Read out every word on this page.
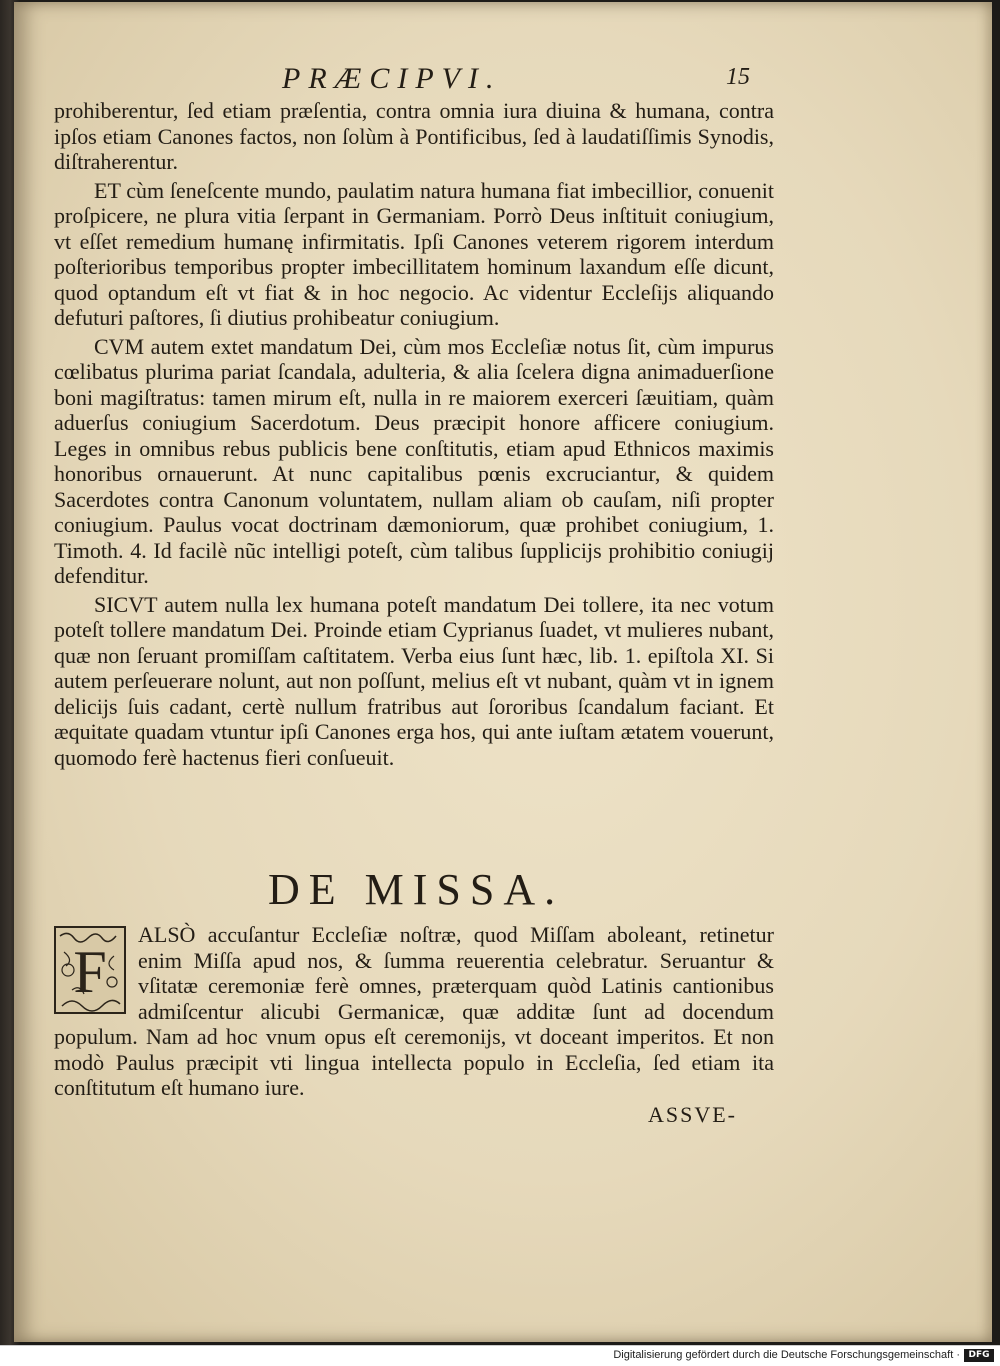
PRÆCIPVI.	15

prohiberentur, ſed etiam præſentia, contra omnia iura diuina & humana, contra ipſos etiam Canones factos, non ſolùm à Pontificibus, ſed à laudatiſſimis Synodis, diſtraherentur.

ET cùm ſeneſcente mundo, paulatim natura humana fiat imbecillior, conuenit proſpicere, ne plura vitia ſerpant in Germaniam. Porrò Deus inſtituit coniugium, vt eſſet remedium humanę infirmitatis. Ipſi Canones veterem rigorem interdum poſterioribus temporibus propter imbecillitatem hominum laxandum eſſe dicunt, quod optandum eſt vt fiat & in hoc negocio. Ac videntur Eccleſijs aliquando defuturi paſtores, ſi diutius prohibeatur coniugium.

CVM autem extet mandatum Dei, cùm mos Eccleſiæ notus ſit, cùm impurus cœlibatus plurima pariat ſcandala, adulteria, & alia ſcelera digna animaduerſione boni magiſtratus: tamen mirum eſt, nulla in re maiorem exerceri ſæuitiam, quàm aduerſus coniugium Sacerdotum. Deus præcipit honore afficere coniugium. Leges in omnibus rebus publicis bene conſtitutis, etiam apud Ethnicos maximis honoribus ornauerunt. At nunc capitalibus pœnis excruciantur, & quidem Sacerdotes contra Canonum voluntatem, nullam aliam ob cauſam, niſi propter coniugium. Paulus vocat doctrinam dæmoniorum, quæ prohibet coniugium, 1. Timoth. 4. Id facilè nũc intelligi poteſt, cùm talibus ſupplicijs prohibitio coniugij defenditur.

SICVT autem nulla lex humana poteſt mandatum Dei tollere, ita nec votum poteſt tollere mandatum Dei. Proinde etiam Cyprianus ſuadet, vt mulieres nubant, quæ non ſeruant promiſſam caſtitatem. Verba eius ſunt hæc, lib. 1. epiſtola XI. Si autem perſeuerare nolunt, aut non poſſunt, melius eſt vt nubant, quàm vt in ignem delicijs ſuis cadant, certè nullum fratribus aut ſororibus ſcandalum faciant. Et æquitate quadam vtuntur ipſi Canones erga hos, qui ante iuſtam ætatem vouerunt, quomodo ferè hactenus fieri conſueuit.

DE MISSA.
F
ALSÒ accuſantur Eccleſiæ noſtræ, quod Miſſam aboleant, retinetur enim Miſſa apud nos, & ſumma reuerentia celebratur. Seruantur & vſitatæ ceremoniæ ferè omnes, præterquam quòd Latinis cantionibus admiſcentur alicubi Germanicæ, quæ additæ ſunt ad docendum populum. Nam ad hoc vnum opus eſt ceremonijs, vt doceant imperitos. Et non modò Paulus præcipit vti lingua intellecta populo in Eccleſia, ſed etiam ita conſtitutum eſt humano iure.
ASSVE-
Digitalisierung gefördert durch die Deutsche Forschungsgemeinschaft · DFG
